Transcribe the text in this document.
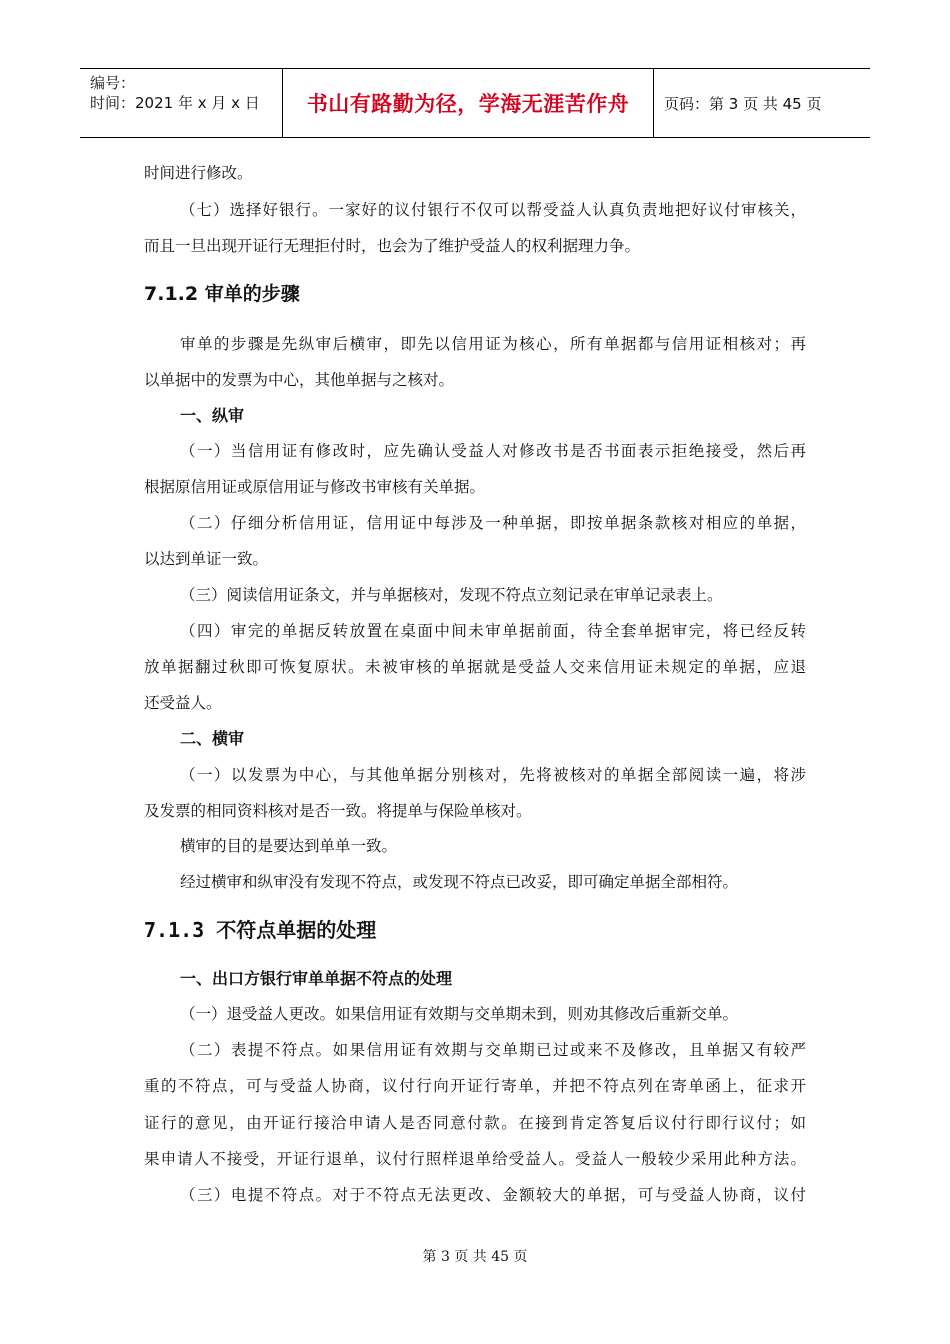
编号：
时间：2021 年 x 月 x 日	书山有路勤为径，学海无涯苦作舟	页码：第 3 页 共 45 页
时间进行修改。
（七）选择好银行。一家好的议付银行不仅可以帮受益人认真负责地把好议付审核关，
而且一旦出现开证行无理拒付时，也会为了维护受益人的权利据理力争。
7.1.2 审单的步骤
审单的步骤是先纵审后横审，即先以信用证为核心，所有单据都与信用证相核对；再
以单据中的发票为中心，其他单据与之核对。
一、纵审
（一）当信用证有修改时，应先确认受益人对修改书是否书面表示拒绝接受，然后再
根据原信用证或原信用证与修改书审核有关单据。
（二）仔细分析信用证，信用证中每涉及一种单据，即按单据条款核对相应的单据，
以达到单证一致。
（三）阅读信用证条文，并与单据核对，发现不符点立刻记录在审单记录表上。
（四）审完的单据反转放置在桌面中间未审单据前面，待全套单据审完，将已经反转
放单据翻过秋即可恢复原状。未被审核的单据就是受益人交来信用证未规定的单据，应退
还受益人。
二、横审
（一）以发票为中心，与其他单据分别核对，先将被核对的单据全部阅读一遍，将涉
及发票的相同资料核对是否一致。将提单与保险单核对。
横审的目的是要达到单单一致。
经过横审和纵审没有发现不符点，或发现不符点已改妥，即可确定单据全部相符。
7.1.3 不符点单据的处理
一、出口方银行审单单据不符点的处理
（一）退受益人更改。如果信用证有效期与交单期未到，则劝其修改后重新交单。
（二）表提不符点。如果信用证有效期与交单期已过或来不及修改，且单据又有较严
重的不符点，可与受益人协商，议付行向开证行寄单，并把不符点列在寄单函上，征求开
证行的意见，由开证行接洽申请人是否同意付款。在接到肯定答复后议付行即行议付；如
果申请人不接受，开证行退单，议付行照样退单给受益人。受益人一般较少采用此种方法。
（三）电提不符点。对于不符点无法更改、金额较大的单据，可与受益人协商，议付
第 3 页 共 45 页
